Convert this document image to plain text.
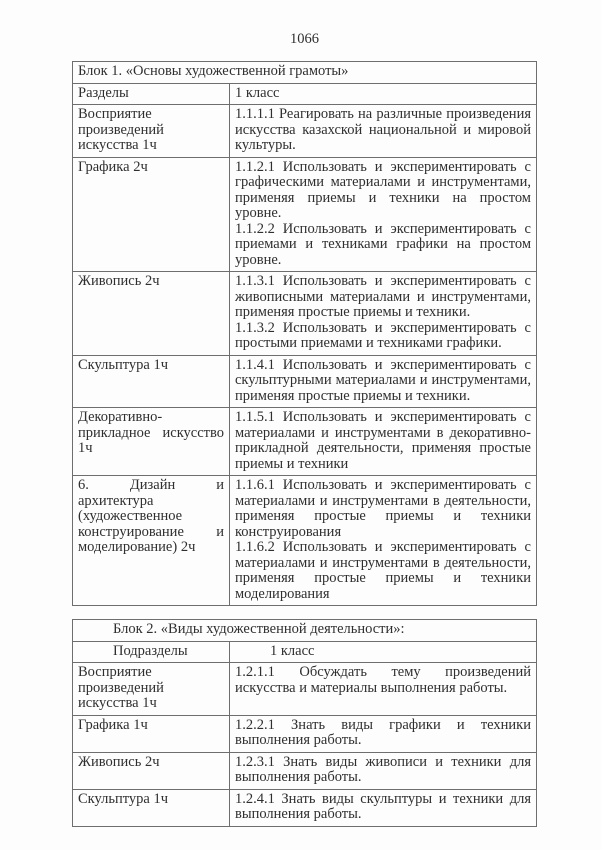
1066
Блок 1. «Основы художественной грамоты»	
Разделы	1 класс
Восприятие произведений искусства 1ч	1.1.1.1 Реагировать на различные произведения искусства казахской национальной и мировой культуры.

Графика 2ч	1.1.2.1 Использовать и экспериментировать с графическими материалами и инструментами, применяя приемы и техники на простом уровне.

1.1.2.2 Использовать и экспериментировать с приемами и техниками графики на простом уровне.

Живопись 2ч	1.1.3.1 Использовать и экспериментировать с живописными материалами и инструментами, применяя простые приемы и техники.

1.1.3.2 Использовать и экспериментировать с простыми приемами и техниками графики.

Скульптура 1ч	1.1.4.1 Использовать и экспериментировать с скульптурными материалами и инструментами, применяя простые приемы и техники.

Декоративно-прикладное искусство 1ч	1.1.5.1 Использовать и экспериментировать с материалами и инструментами в декоративно-прикладной деятельности, применяя простые приемы и техники

6. Дизайн и архитектура (художественное конструирование и моделирование) 2ч	1.1.6.1 Использовать и экспериментировать с материалами и инструментами в деятельности, применяя простые приемы и техники конструирования

1.1.6.2 Использовать и экспериментировать с материалами и инструментами в деятельности, применяя простые приемы и техники моделирования

Блок 2. «Виды художественной деятельности»:	
Подразделы	1 класс
Восприятие произведений искусства 1ч	1.2.1.1 Обсуждать тему произведений искусства и материалы выполнения работы.

Графика 1ч	1.2.2.1 Знать виды графики и техники выполнения работы.

Живопись 2ч	1.2.3.1 Знать виды живописи и техники для выполнения работы.

Скульптура 1ч	1.2.4.1 Знать виды скульптуры и техники для выполнения работы.
